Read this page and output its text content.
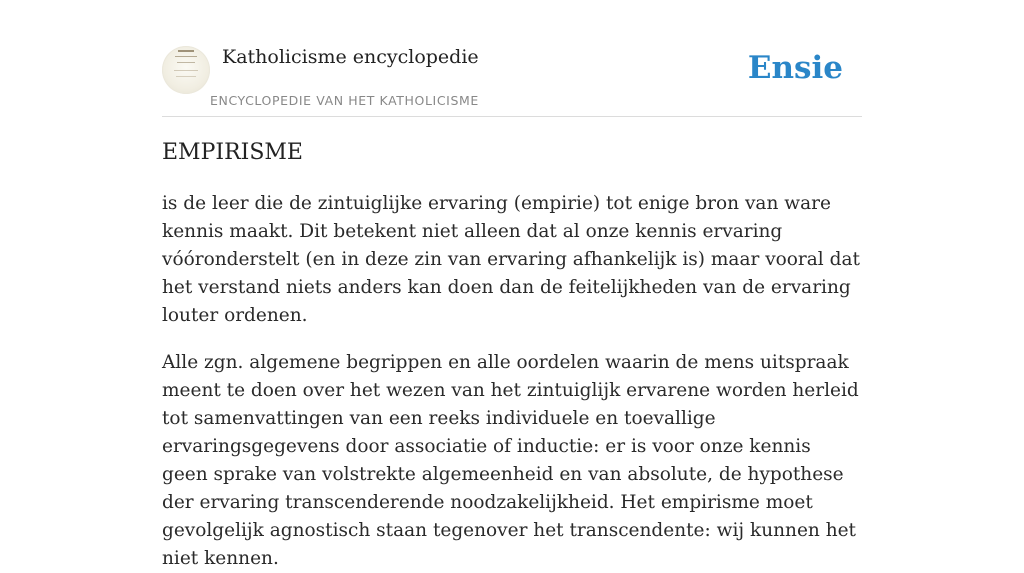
Katholicisme encyclopedie
ENCYCLOPEDIE VAN HET KATHOLICISME
Ensie
EMPIRISME

is de leer die de zintuiglijke ervaring (empirie) tot enige bron van ware kennis maakt. Dit betekent niet alleen dat al onze kennis ervaring vóóronderstelt (en in deze zin van ervaring afhankelijk is) maar vooral dat het verstand niets anders kan doen dan de feitelijkheden van de ervaring louter ordenen.

Alle zgn. algemene begrippen en alle oordelen waarin de mens uitspraak meent te doen over het wezen van het zintuiglijk ervarene worden herleid tot samenvattingen van een reeks individuele en toevallige ervaringsgegevens door associatie of inductie: er is voor onze kennis geen sprake van volstrekte algemeenheid en van absolute, de hypothese der ervaring transcenderende noodzakelijkheid. Het empirisme moet gevolgelijk agnostisch staan tegenover het transcendente: wij kunnen het niet kennen.
